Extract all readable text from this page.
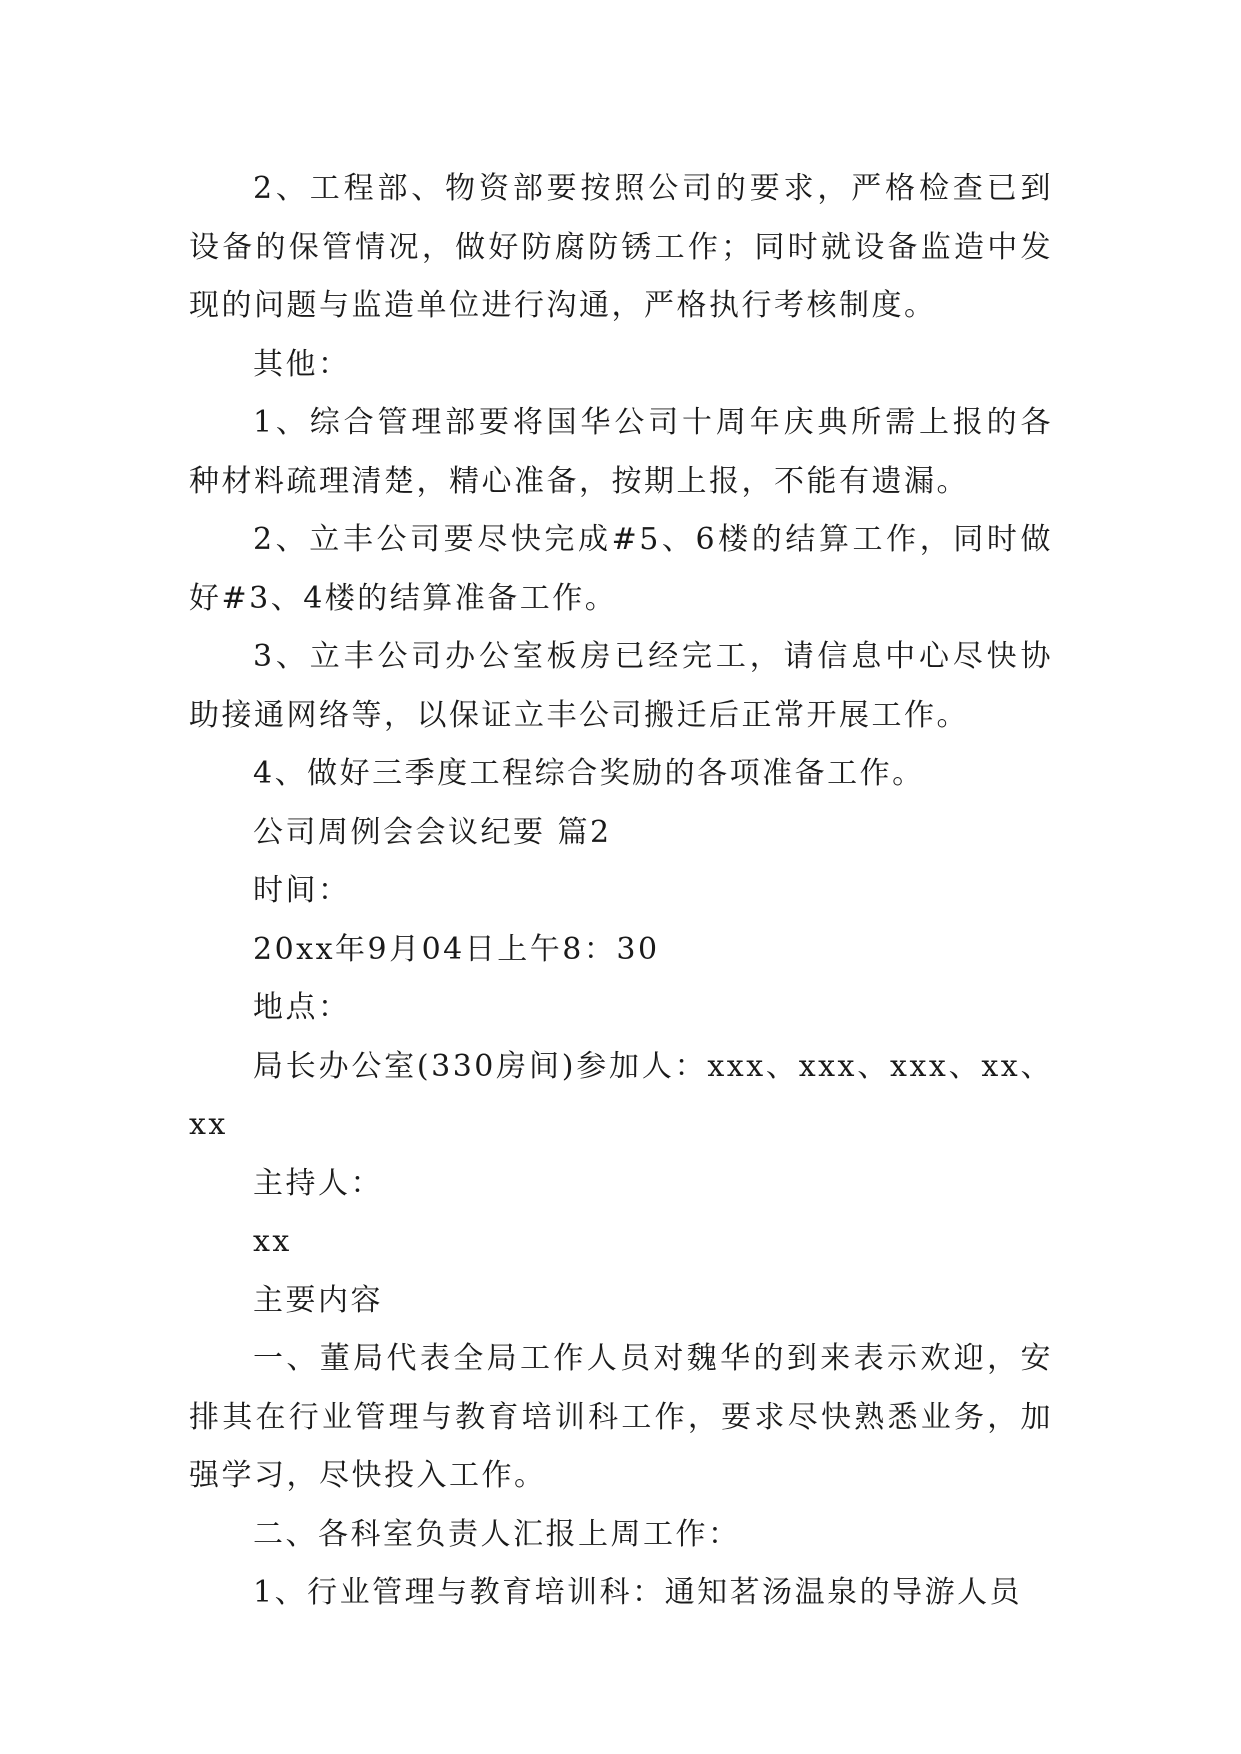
2、工程部、物资部要按照公司的要求，严格检查已到设备的保管情况，做好防腐防锈工作；同时就设备监造中发现的问题与监造单位进行沟通，严格执行考核制度。

其他：

1、综合管理部要将国华公司十周年庆典所需上报的各种材料疏理清楚，精心准备，按期上报，不能有遗漏。

2、立丰公司要尽快完成#5、6楼的结算工作，同时做好#3、4楼的结算准备工作。

3、立丰公司办公室板房已经完工，请信息中心尽快协助接通网络等，以保证立丰公司搬迁后正常开展工作。

4、做好三季度工程综合奖励的各项准备工作。

公司周例会会议纪要 篇2

时间：

20xx年9月04日上午8：30

地点：

局长办公室(330房间)参加人：xxx、xxx、xxx、xx、xx

主持人：

xx

主要内容

一、董局代表全局工作人员对魏华的到来表示欢迎，安排其在行业管理与教育培训科工作，要求尽快熟悉业务，加强学习，尽快投入工作。

二、各科室负责人汇报上周工作：

1、行业管理与教育培训科：通知茗汤温泉的导游人员
